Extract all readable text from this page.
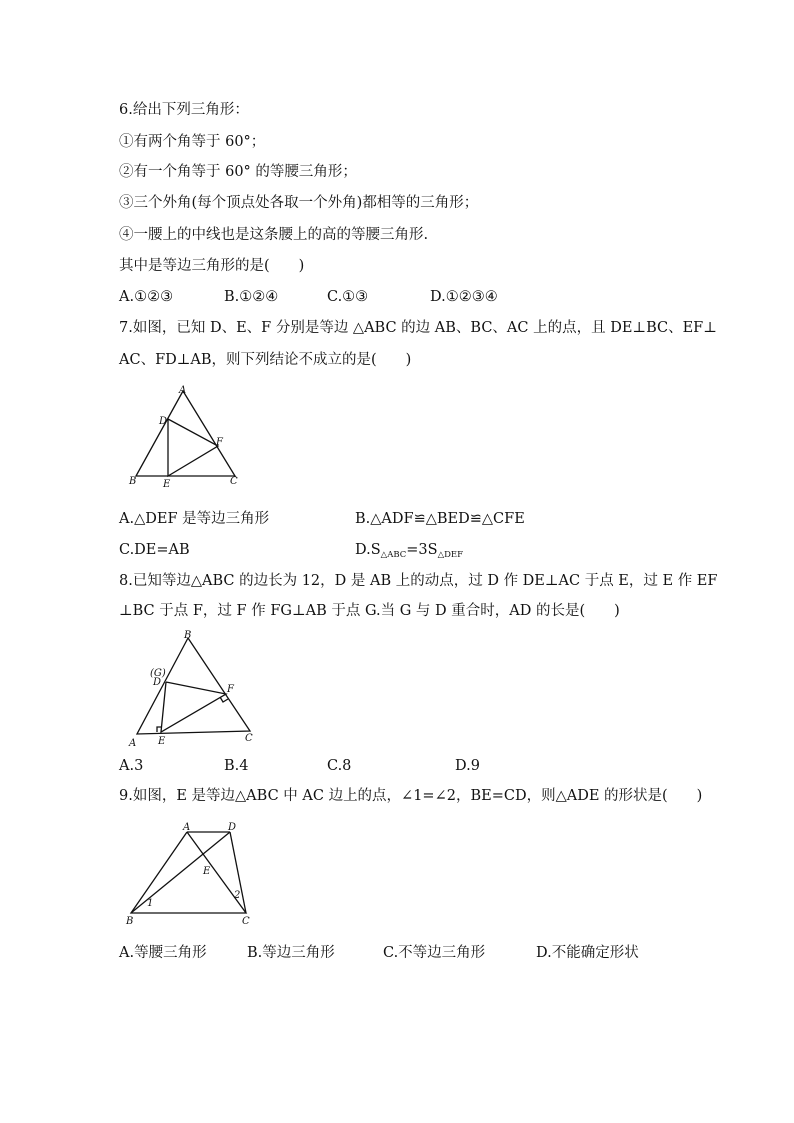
6.给出下列三角形：
①有两个角等于 60°；
②有一个角等于 60° 的等腰三角形；
③三个外角(每个顶点处各取一个外角)都相等的三角形；
④一腰上的中线也是这条腰上的高的等腰三角形.
其中是等边三角形的是(　　)
A.①②③	B.①②④	C.①③	D.①②③④
7.如图，已知 D、E、F 分别是等边 △ABC 的边 AB、BC、AC 上的点，且 DE⊥BC、EF⊥
AC、FD⊥AB，则下列结论不成立的是(　　)
A
B	C
D
E
F
A.△DEF 是等边三角形	B.△ADF≌△BED≌△CFE
C.DE=AB	$D.S_{\triangle ABC}=3S_{\triangle DEF}$
8.已知等边△ABC 的边长为 12，D 是 AB 上的动点，过 D 作 DE⊥AC 于点 E，过 E 作 EF
⊥BC 于点 F，过 F 作 FG⊥AB 于点 G.当 G 与 D 重合时，AD 的长是(　　)
B
(G)
D
F
A E	C
A.3	B.4	C.8	D.9
9.如图，E 是等边△ABC 中 AC 边上的点，∠1=∠2，BE=CD，则△ADE 的形状是(　　)
A	D
E
1
2
B	C
A.等腰三角形	B.等边三角形	C.不等边三角形	D.不能确定形状
